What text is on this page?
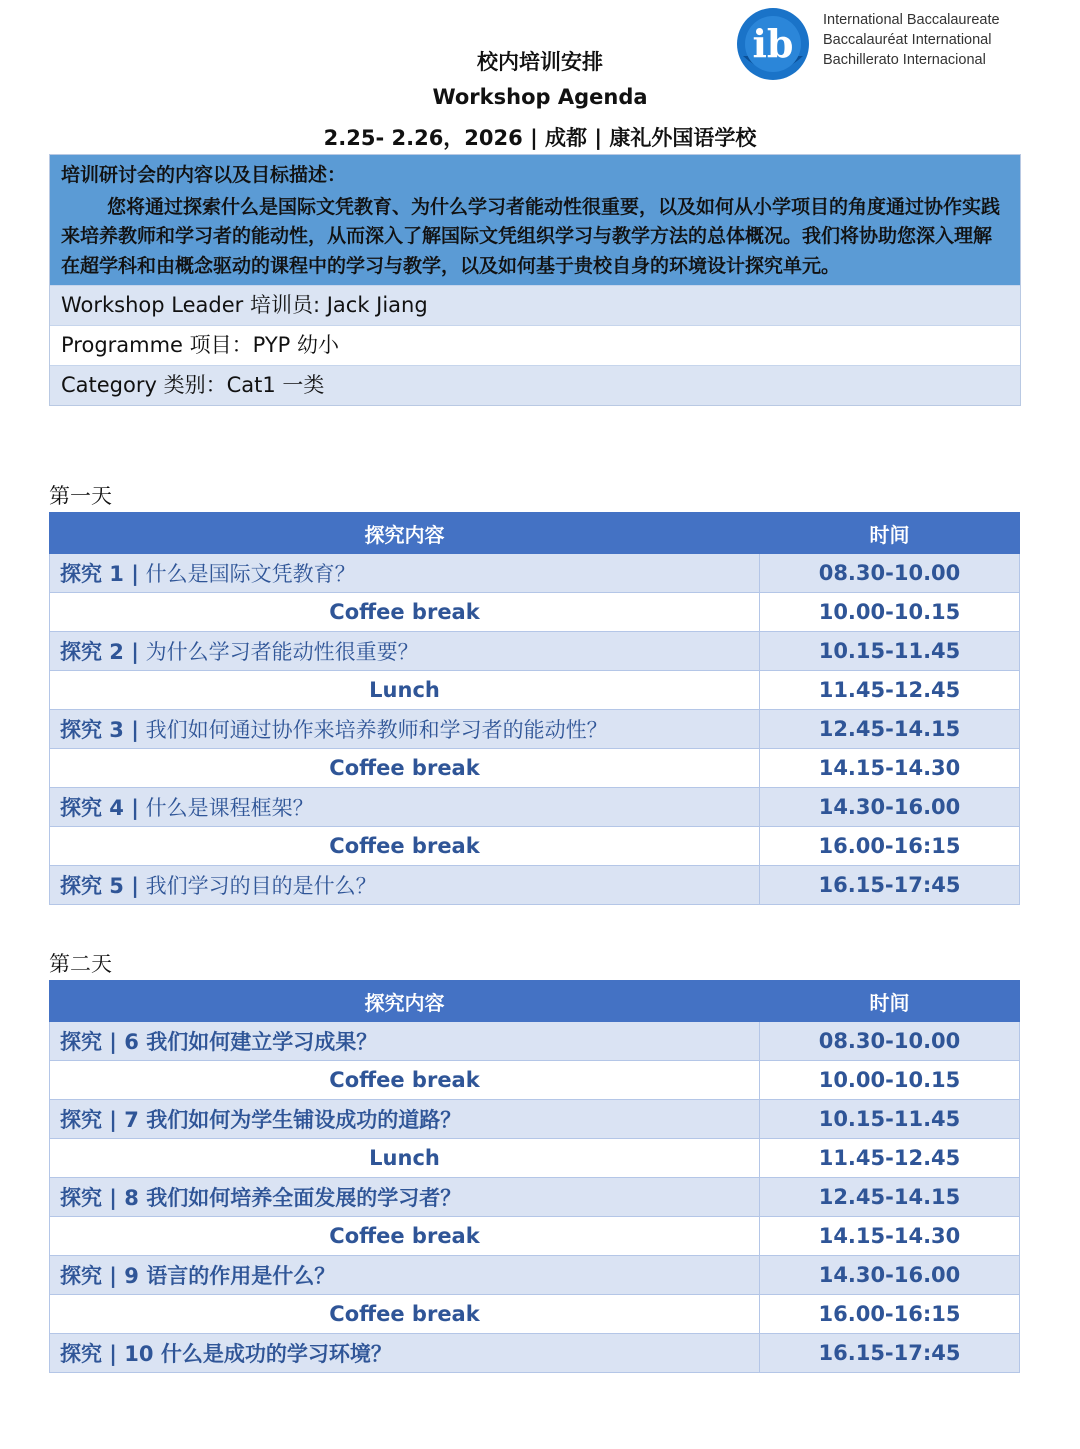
ib
International Baccalaureate
Baccalauréat International
Bachillerato Internacional
校内培训安排
Workshop Agenda
2.25- 2.26，2026 | 成都 | 康礼外国语学校
培训研讨会的内容以及目标描述：
您将通过探索什么是国际文凭教育、为什么学习者能动性很重要，以及如何从小学项目的角度通过协作实践来培养教师和学习者的能动性，从而深入了解国际文凭组织学习与教学方法的总体概况。我们将协助您深入理解在超学科和由概念驱动的课程中的学习与教学，以及如何基于贵校自身的环境设计探究单元。
Workshop Leader 培训员: Jack Jiang
Programme 项目：PYP 幼小
Category 类别：Cat1 一类
第一天
探究内容	时间
探究 1 | 什么是国际文凭教育？	08.30-10.00
Coffee break	10.00-10.15
探究 2 | 为什么学习者能动性很重要？	10.15-11.45
Lunch	11.45-12.45
探究 3 | 我们如何通过协作来培养教师和学习者的能动性？	12.45-14.15
Coffee break	14.15-14.30
探究 4 | 什么是课程框架？	14.30-16.00
Coffee break	16.00-16:15
探究 5 | 我们学习的目的是什么？	16.15-17:45
第二天
探究内容	时间
探究 | 6 我们如何建立学习成果？	08.30-10.00
Coffee break	10.00-10.15
探究 | 7 我们如何为学生铺设成功的道路？	10.15-11.45
Lunch	11.45-12.45
探究 | 8 我们如何培养全面发展的学习者？	12.45-14.15
Coffee break	14.15-14.30
探究 | 9 语言的作用是什么？	14.30-16.00
Coffee break	16.00-16:15
探究 | 10 什么是成功的学习环境？	16.15-17:45
